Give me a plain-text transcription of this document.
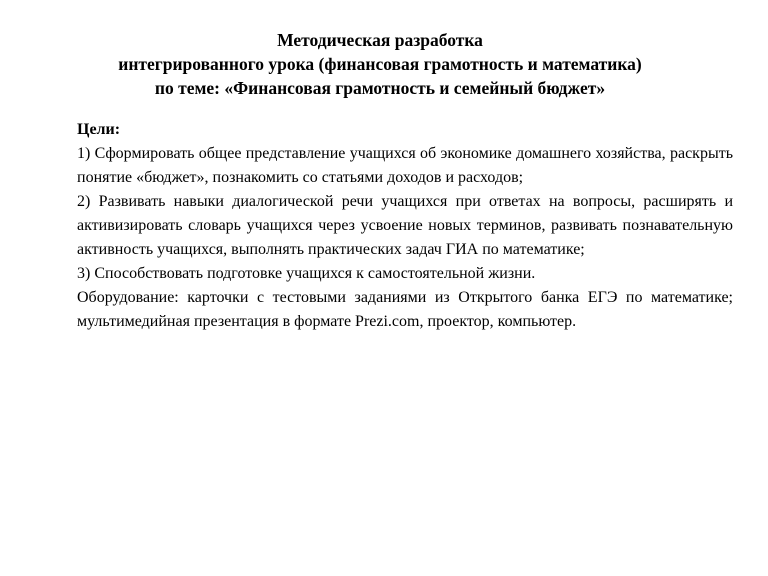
Методическая разработка
интегрированного урока (финансовая грамотность и математика)
по теме: «Финансовая грамотность и семейный бюджет»
Цели:

1) Сформировать общее представление учащихся об экономике домашнего хозяйства, раскрыть понятие «бюджет», познакомить со статьями доходов и расходов;

2) Развивать навыки диалогической речи учащихся при ответах на вопросы, расширять и активизировать словарь учащихся через усвоение новых терминов, развивать познавательную активность учащихся, выполнять практических задач ГИА по математике;

3) Способствовать подготовке учащихся к самостоятельной жизни.

Оборудование: карточки с тестовыми заданиями из Открытого банка ЕГЭ по математике; мультимедийная презентация в формате Prezi.com, проектор, компьютер.
